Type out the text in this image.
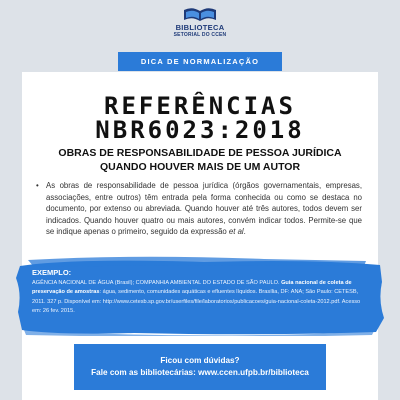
BIBLIOTECA
SETORIAL DO CCEN
DICA DE NORMALIZAÇÃO
REFERÊNCIAS
NBR6023:2018
OBRAS DE RESPONSABILIDADE DE PESSOA JURÍDICA
QUANDO HOUVER MAIS DE UM AUTOR
• As obras de responsabilidade de pessoa jurídica (órgãos governamentais, empresas, associações, entre outros) têm entrada pela forma conhecida ou como se destaca no documento, por extenso ou abreviada. Quando houver até três autores, todos devem ser indicados. Quando houver quatro ou mais autores, convém indicar todos. Permite-se que se indique apenas o primeiro, seguido da expressão et al.
EXEMPLO:
AGÊNCIA NACIONAL DE ÁGUA (Brasil); COMPANHIA AMBIENTAL DO ESTADO DE SÃO PAULO. Guia nacional de coleta de preservação de amostras: água, sedimento, comunidades aquáticas e efluentes líquidos. Brasília, DF: ANA; São Paulo: CETESB, 2011. 327 p. Disponível em: http://www.cetesb.sp.gov.br/userfiles/file/laboratorios/publicacoes/guia-nacional-coleta-2012.pdf. Acesso em: 26 fev. 2015.
Ficou com dúvidas?
Fale com as bibliotecárias: www.ccen.ufpb.br/biblioteca
